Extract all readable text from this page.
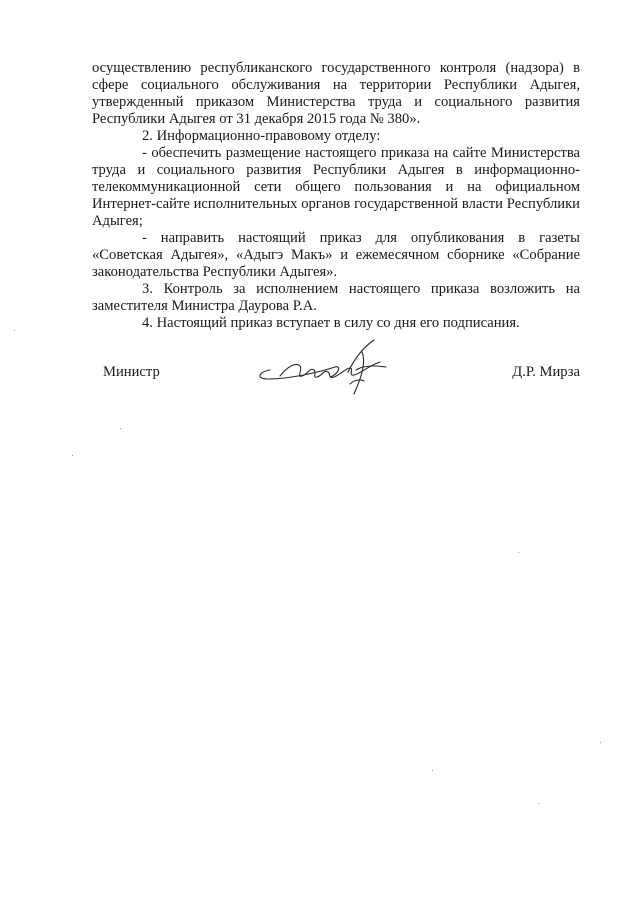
осуществлению республиканского государственного контроля (надзора) в сфере социального обслуживания на территории Республики Адыгея, утвержденный приказом Министерства труда и социального развития Республики Адыгея от 31 декабря 2015 года № 380».

2. Информационно-правовому отделу:

- обеспечить размещение настоящего приказа на сайте Министерства труда и социального развития Республики Адыгея в информационно-телекоммуникационной сети общего пользования и на официальном Интернет-сайте исполнительных органов государственной власти Республики Адыгея;

- направить настоящий приказ для опубликования в газеты «Советская Адыгея», «Адыгэ Макъ» и ежемесячном сборнике «Собрание законодательства Республики Адыгея».

3. Контроль за исполнением настоящего приказа возложить на заместителя Министра Даурова Р.А.

4. Настоящий приказ вступает в силу со дня его подписания.

Министр	Д.Р. Мирза
